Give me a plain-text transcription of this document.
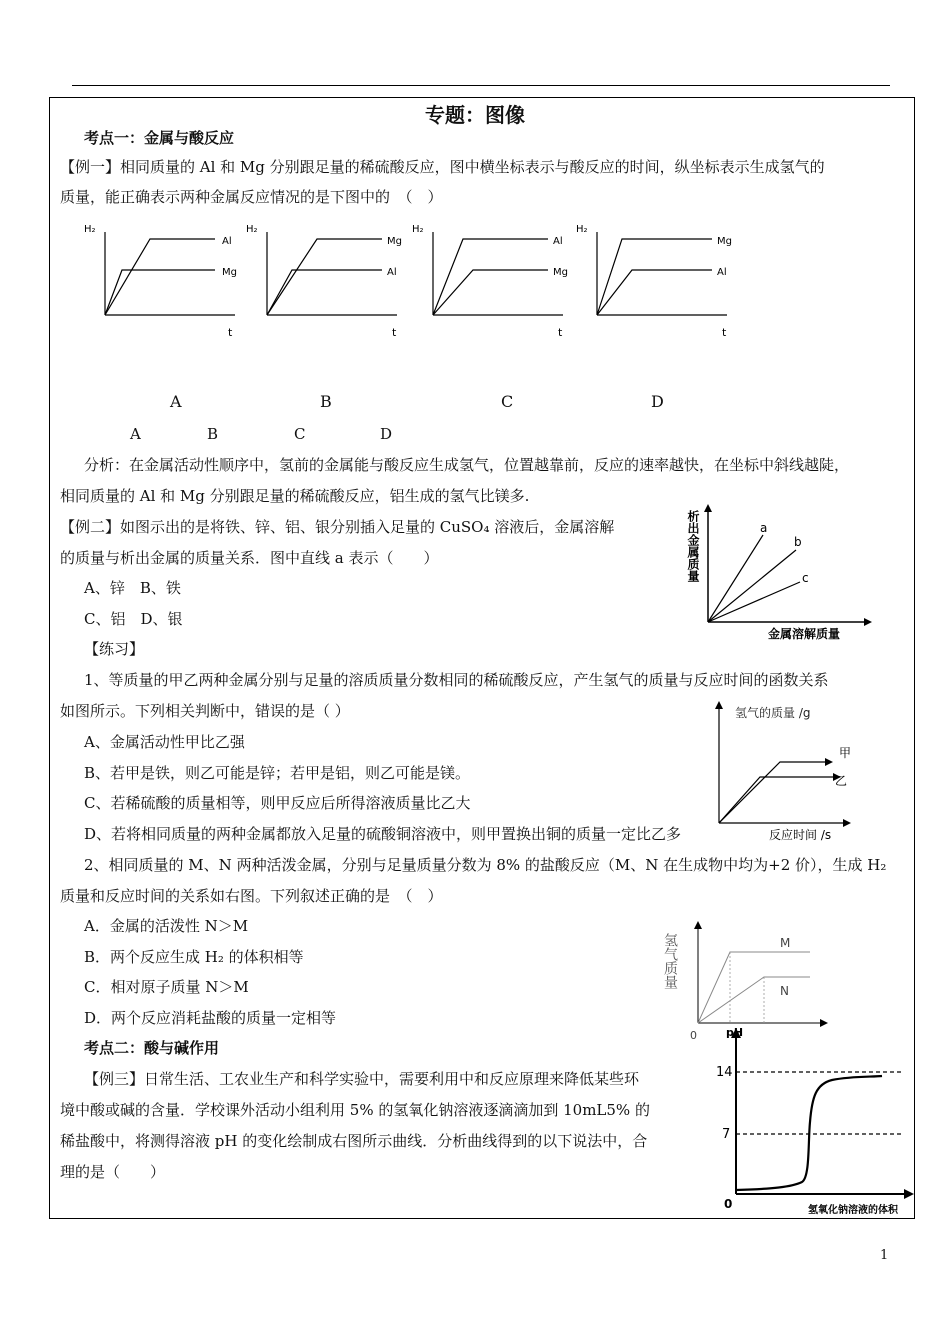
专题：图像
考点一：金属与酸反应
【例一】相同质量的 Al 和 Mg 分别跟足量的稀硫酸反应，图中横坐标表示与酸反应的时间，纵坐标表示生成氢气的
质量，能正确表示两种金属反应情况的是下图中的　（　）
H₂
Al
Mg
t
H₂
Mg
Al
t
H₂
Al
Mg
t
H₂
Mg
Al
t
A	B	C	D
A	B	C	D
分析：在金属活动性顺序中，氢前的金属能与酸反应生成氢气，位置越靠前，反应的速率越快，在坐标中斜线越陡，
相同质量的 Al 和 Mg 分别跟足量的稀硫酸反应，铝生成的氢气比镁多.
【例二】如图示出的是将铁、锌、铝、银分别插入足量的 CuSO₄ 溶液后，金属溶解
的质量与析出金属的质量关系．图中直线 a 表示（　　）
A、锌　B、铁
C、铝　D、银
a
b
c
析出金属质量
金属溶解质量
【练习】
1、等质量的甲乙两种金属分别与足量的溶质质量分数相同的稀硫酸反应，产生氢气的质量与反应时间的函数关系
如图所示。下列相关判断中，错误的是（ ）
A、金属活动性甲比乙强
B、若甲是铁，则乙可能是锌；若甲是铝，则乙可能是镁。
C、若稀硫酸的质量相等，则甲反应后所得溶液质量比乙大
氢气的质量 /g
甲
乙
反应时间 /s
D、若将相同质量的两种金属都放入足量的硫酸铜溶液中，则甲置换出铜的质量一定比乙多
2、相同质量的 M、N 两种活泼金属，分别与足量质量分数为 8% 的盐酸反应（M、N 在生成物中均为+2 价），生成 H₂
质量和反应时间的关系如右图。下列叙述正确的是　（　）
A．金属的活泼性 N＞M
B．两个反应生成 H₂ 的体积相等
C．相对原子质量 N＞M
D．两个反应消耗盐酸的质量一定相等
氢气质量	M
N
0
考点二：酸与碱作用
【例三】日常生活、工农业生产和科学实验中，需要利用中和反应原理来降低某些环
境中酸或碱的含量．学校课外活动小组利用 5% 的氢氧化钠溶液逐滴滴加到 10mL5% 的
稀盐酸中，将测得溶液 pH 的变化绘制成右图所示曲线．分析曲线得到的以下说法中，合
理的是（　　）
pH
14
7
0	氢氧化钠溶液的体积
1
